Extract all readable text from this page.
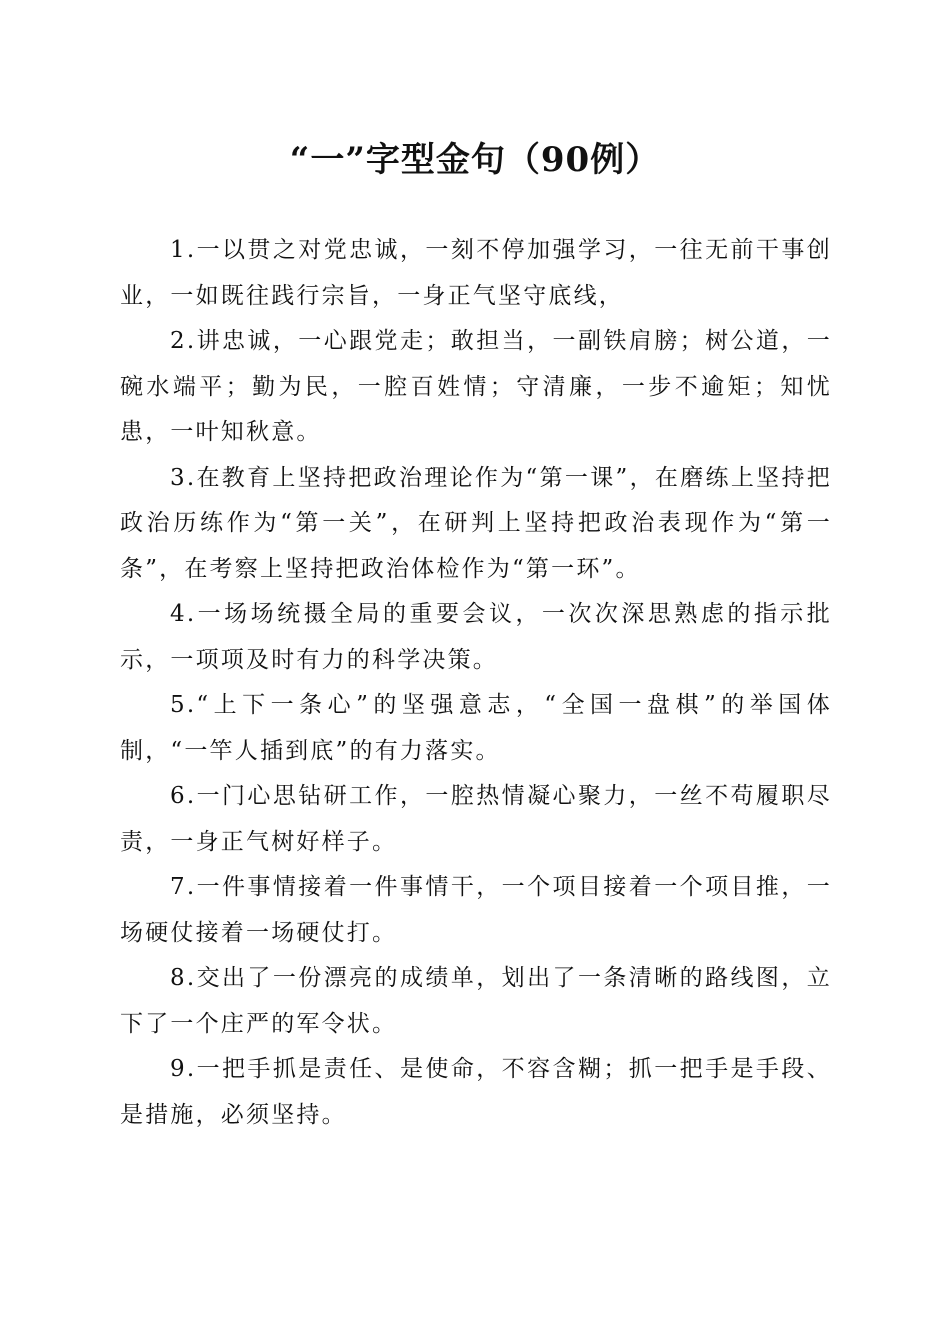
“一”字型金句（90例）

1.一以贯之对党忠诚，一刻不停加强学习，一往无前干事创业，一如既往践行宗旨，一身正气坚守底线，

2.讲忠诚，一心跟党走；敢担当，一副铁肩膀；树公道，一碗水端平；勤为民，一腔百姓情；守清廉，一步不逾矩；知忧患，一叶知秋意。

3.在教育上坚持把政治理论作为“第一课”，在磨练上坚持把政治历练作为“第一关”，在研判上坚持把政治表现作为“第一条”，在考察上坚持把政治体检作为“第一环”。

4.一场场统摄全局的重要会议，一次次深思熟虑的指示批示，一项项及时有力的科学决策。

5.“上下一条心”的坚强意志，“全国一盘棋”的举国体制，“一竿人插到底”的有力落实。

6.一门心思钻研工作，一腔热情凝心聚力，一丝不苟履职尽责，一身正气树好样子。

7.一件事情接着一件事情干，一个项目接着一个项目推，一场硬仗接着一场硬仗打。

8.交出了一份漂亮的成绩单，划出了一条清晰的路线图，立下了一个庄严的军令状。

9.一把手抓是责任、是使命，不容含糊；抓一把手是手段、是措施，必须坚持。
